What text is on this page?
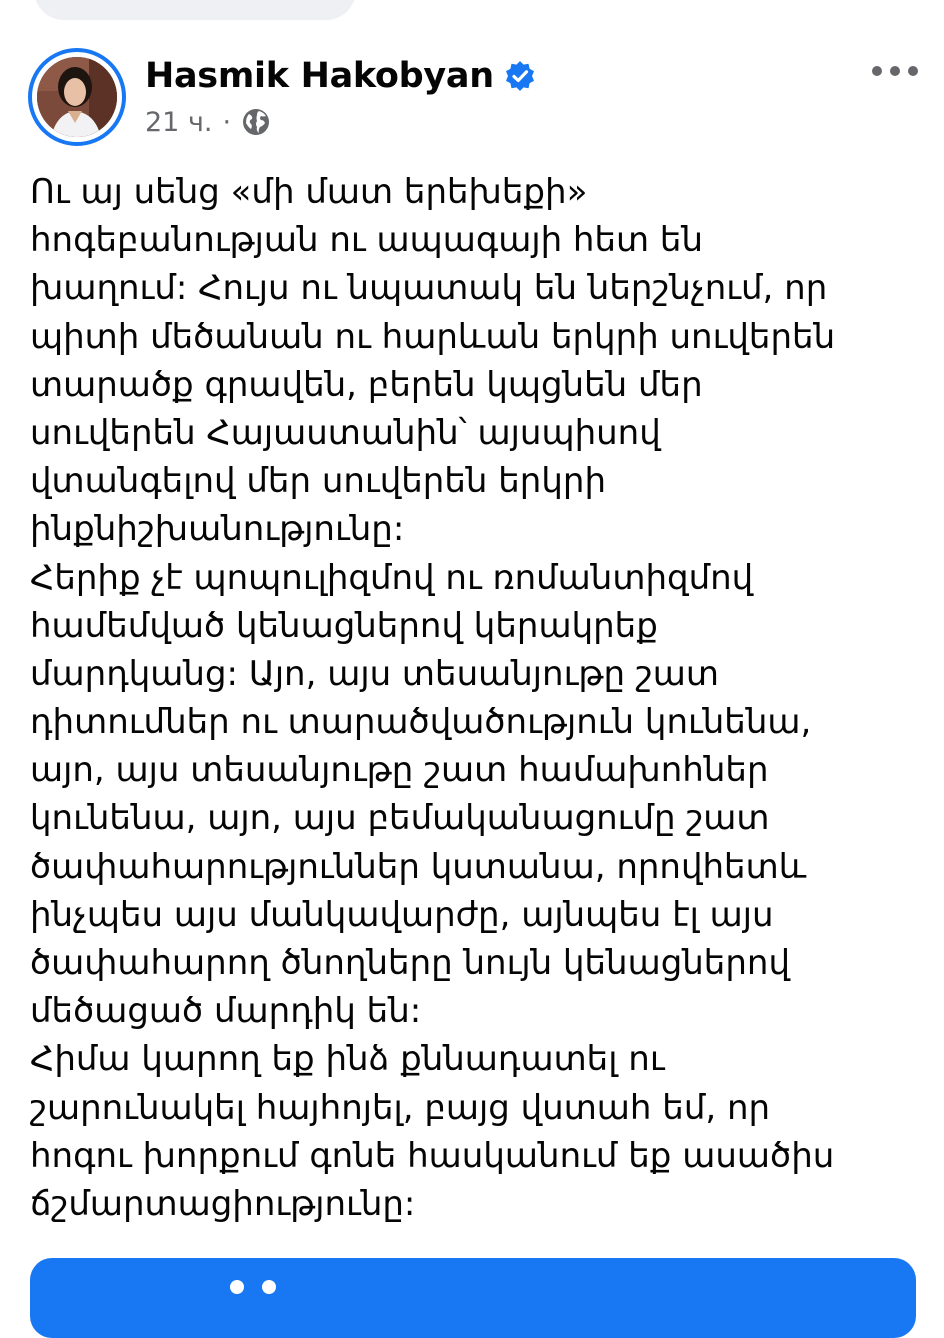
Hasmik Hakobyan
21 ч. ·
Ու այ սենց «մի մատ երեխեքի»
հոգեբանության ու ապագայի հետ են
խաղում: Հույս ու նպատակ են ներշնչում, որ
պիտի մեծանան ու հարևան երկրի սուվերեն
տարածք գրավեն, բերեն կպցնեն մեր
սուվերեն Հայաստանին՝ այսպիսով
վտանգելով մեր սուվերեն երկրի
ինքնիշխանությունը:
Հերիք չէ պոպուլիզմով ու ռոմանտիզմով
համեմված կենացներով կերակրեք
մարդկանց: Այո, այս տեսանյութը շատ
դիտումներ ու տարածվածություն կունենա,
այո, այս տեսանյութը շատ համախոհներ
կունենա, այո, այս բեմականացումը շատ
ծափահարություններ կստանա, որովհետև
ինչպես այս մանկավարժը, այնպես էլ այս
ծափահարող ծնողները նույն կենացներով
մեծացած մարդիկ են:
Հիմա կարող եք ինձ քննադատել ու
շարունակել հայհոյել, բայց վստահ եմ, որ
հոգու խորքում գոնե հասկանում եք ասածիս
ճշմարտացիությունը:
